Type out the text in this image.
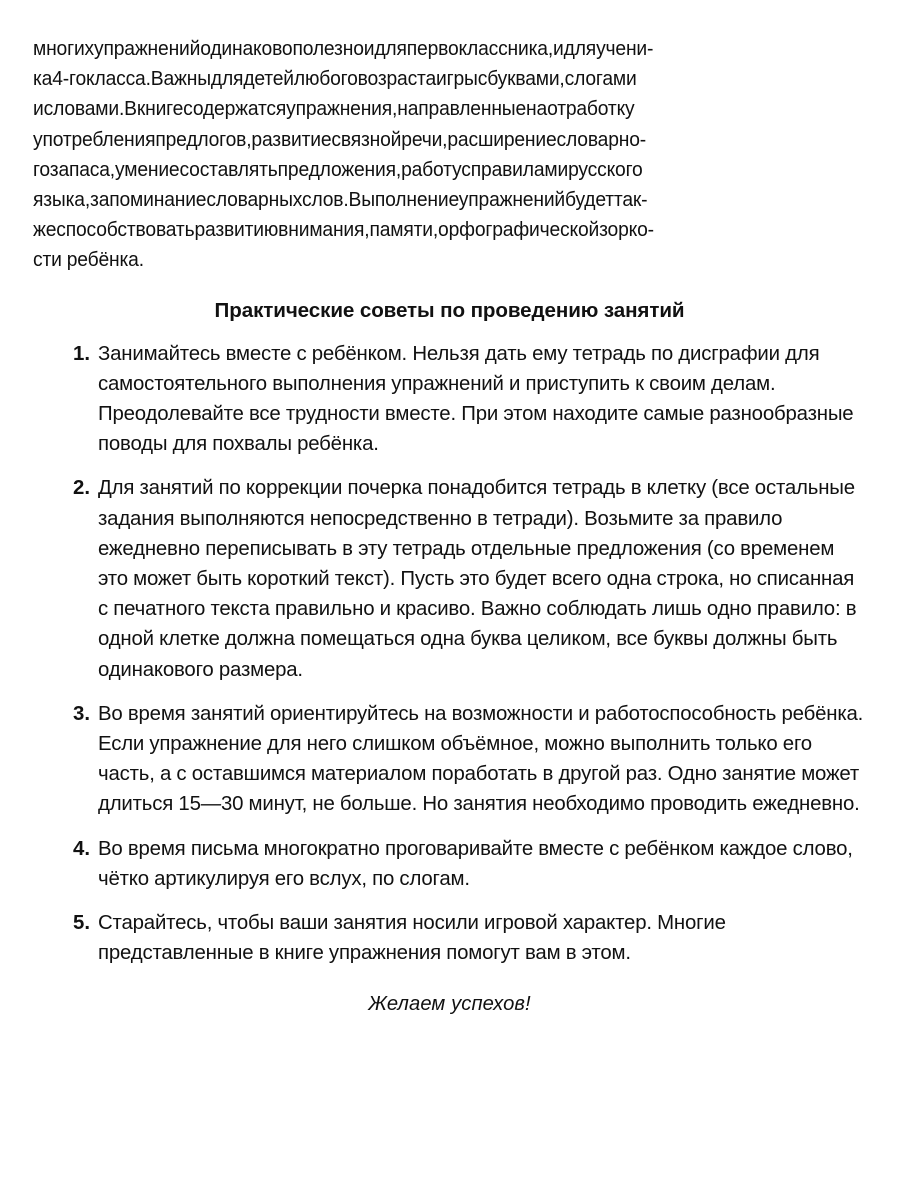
многихупражненийодинаковополезноидляпервоклассника,идляучени-
ка4-гокласса.Важныдлядетейлюбоговозрастаигрысбуквами,слогами
исловами.Вкнигесодержатсяупражнения,направленныенаотработку
употребленияпредлогов,развитиесвязнойречи,расширениесловарно-
гозапаса,умениесоставлятьпредложения,работусправиламирусского
языка,запоминаниесловарныхслов.Выполнениеупражненийбудеттак-
жеспособствоватьразвитиювнимания,памяти,орфографическойзорко-
сти ребёнка.
Практические советы по проведению занятий
1. Занимайтесь вместе с ребёнком. Нельзя дать ему тетрадь по дисграфии для самостоятельного выполнения упражнений и приступить к своим делам. Преодолевайте все трудности вместе. При этом находите самые разнообразные поводы для похвалы ребёнка.
2. Для занятий по коррекции почерка понадобится тетрадь в клетку (все остальные задания выполняются непосредственно в тетради). Возьмите за правило ежедневно переписывать в эту тетрадь отдельные предложения (со временем это может быть короткий текст). Пусть это будет всего одна строка, но списанная с печатного текста правильно и красиво. Важно соблюдать лишь одно правило: в одной клетке должна помещаться одна буква целиком, все буквы должны быть одинакового размера.
3. Во время занятий ориентируйтесь на возможности и работоспособность ребёнка. Если упражнение для него слишком объёмное, можно выполнить только его часть, а с оставшимся материалом поработать в другой раз. Одно занятие может длиться 15—30 минут, не больше. Но занятия необходимо проводить ежедневно.
4. Во время письма многократно проговаривайте вместе с ребёнком каждое слово, чётко артикулируя его вслух, по слогам.
5. Старайтесь, чтобы ваши занятия носили игровой характер. Многие представленные в книге упражнения помогут вам в этом.

Желаем успехов!
